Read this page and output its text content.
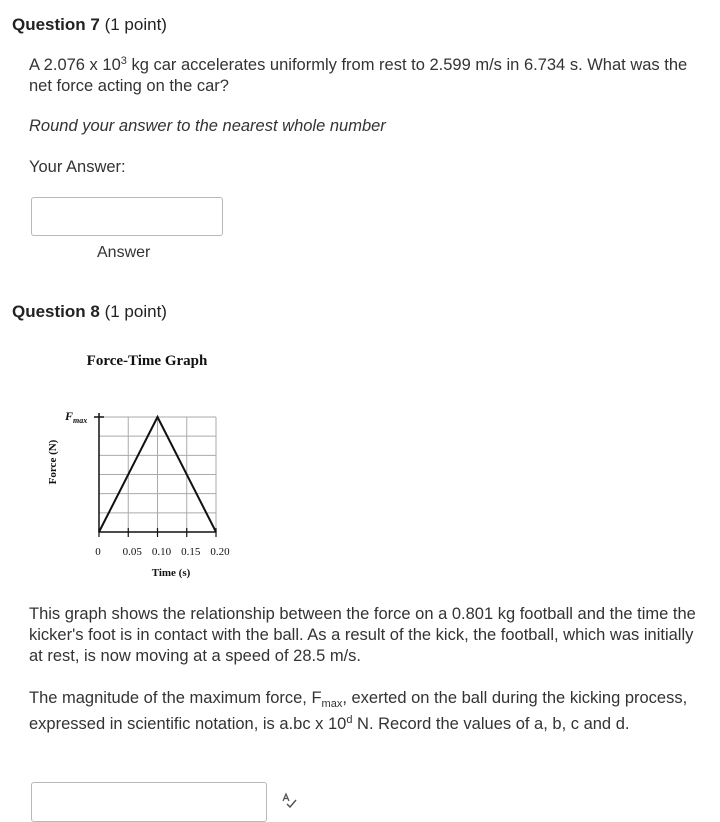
Question 7 (1 point)
A 2.076 x $10^3$ kg car accelerates uniformly from rest to 2.599 m/s in 6.734 s. What was the net force acting on the car?
Round your answer to the nearest whole number
Your Answer:
Answer
Question 8 (1 point)
Force-Time Graph
0 0.05 0.10 0.15 0.20
Time (s)
Force (N)
$F_{max}$
This graph shows the relationship between the force on a 0.801 kg football and the time the kicker's foot is in contact with the ball. As a result of the kick, the football, which was initially at rest, is now moving at a speed of 28.5 m/s.
The magnitude of the maximum force, $F_{max}$, exerted on the ball during the kicking process, expressed in scientific notation, is a.bc x 10$^d$ N. Record the values of a, b, c and d.
